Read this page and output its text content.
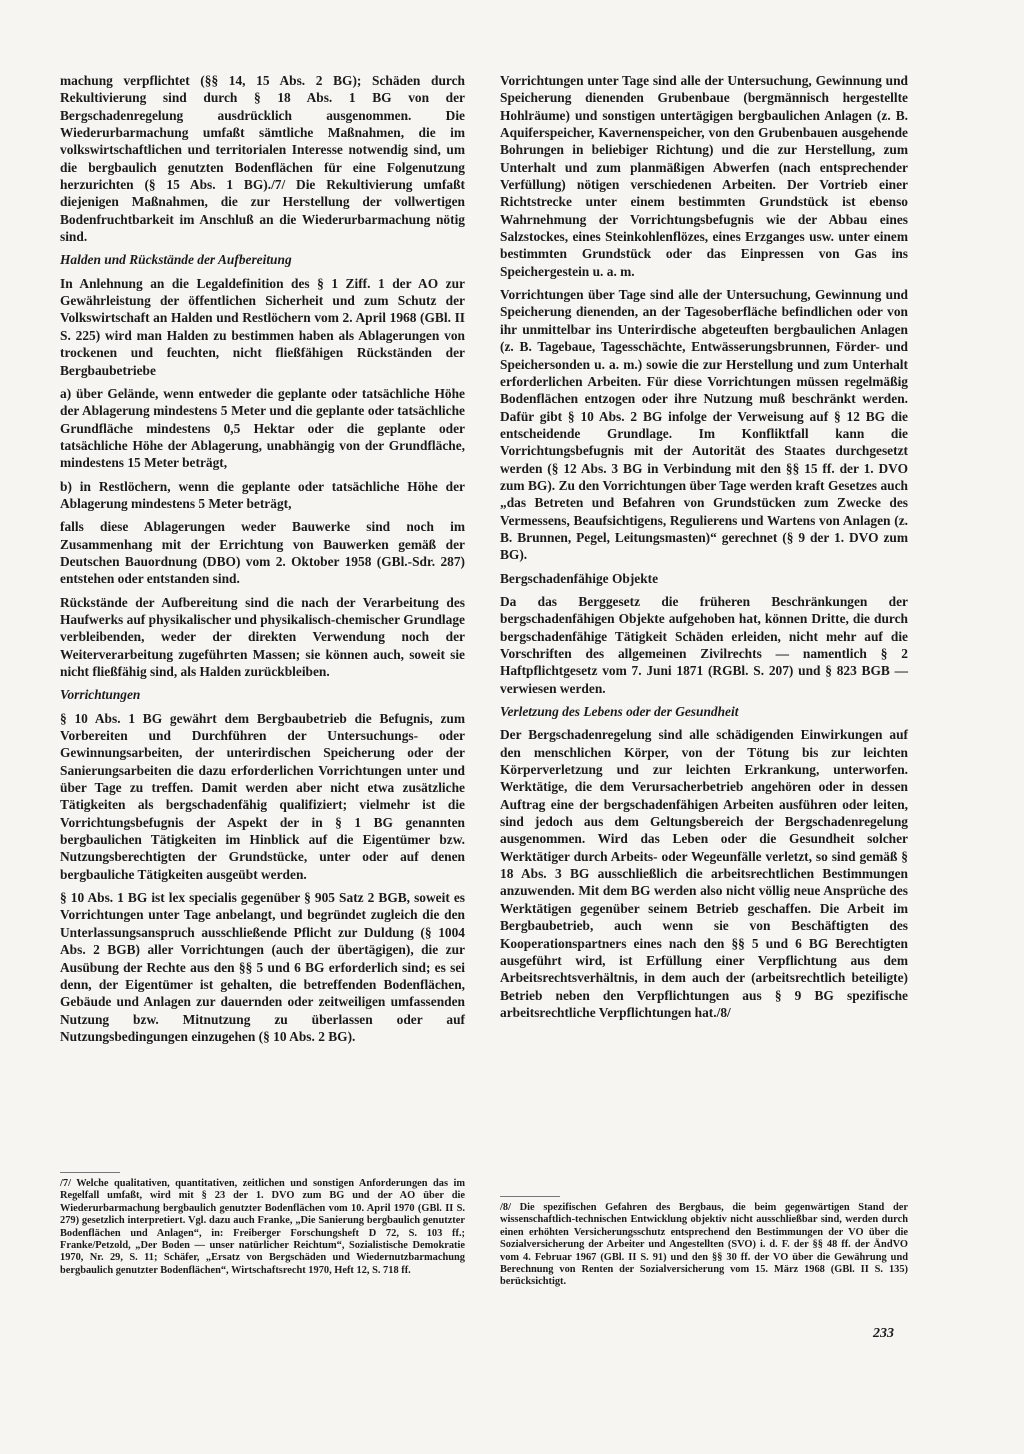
machung verpflichtet (§§ 14, 15 Abs. 2 BG); Schäden durch Rekultivierung sind durch § 18 Abs. 1 BG von der Bergschadenregelung ausdrücklich ausgenommen. Die Wiederurbarmachung umfaßt sämtliche Maßnahmen, die im volkswirtschaftlichen und territorialen Interesse notwendig sind, um die bergbaulich genutzten Bodenflächen für eine Folgenutzung herzurichten (§ 15 Abs. 1 BG)./7/ Die Rekultivierung umfaßt diejenigen Maßnahmen, die zur Herstellung der vollwertigen Bodenfruchtbarkeit im Anschluß an die Wiederurbarmachung nötig sind.

Halden und Rückstände der Aufbereitung

In Anlehnung an die Legaldefinition des § 1 Ziff. 1 der AO zur Gewährleistung der öffentlichen Sicherheit und zum Schutz der Volkswirtschaft an Halden und Restlöchern vom 2. April 1968 (GBl. II S. 225) wird man Halden zu bestimmen haben als Ablagerungen von trockenen und feuchten, nicht fließfähigen Rückständen der Bergbaubetriebe

a) über Gelände, wenn entweder die geplante oder tatsächliche Höhe der Ablagerung mindestens 5 Meter und die geplante oder tatsächliche Grundfläche mindestens 0,5 Hektar oder die geplante oder tatsächliche Höhe der Ablagerung, unabhängig von der Grundfläche, mindestens 15 Meter beträgt,

b) in Restlöchern, wenn die geplante oder tatsächliche Höhe der Ablagerung mindestens 5 Meter beträgt,

falls diese Ablagerungen weder Bauwerke sind noch im Zusammenhang mit der Errichtung von Bauwerken gemäß der Deutschen Bauordnung (DBO) vom 2. Oktober 1958 (GBl.-Sdr. 287) entstehen oder entstanden sind.

Rückstände der Aufbereitung sind die nach der Verarbeitung des Haufwerks auf physikalischer und physikalisch-chemischer Grundlage verbleibenden, weder der direkten Verwendung noch der Weiterverarbeitung zugeführten Massen; sie können auch, soweit sie nicht fließfähig sind, als Halden zurückbleiben.

Vorrichtungen

§ 10 Abs. 1 BG gewährt dem Bergbaubetrieb die Befugnis, zum Vorbereiten und Durchführen der Untersuchungs- oder Gewinnungsarbeiten, der unterirdischen Speicherung oder der Sanierungsarbeiten die dazu erforderlichen Vorrichtungen unter und über Tage zu treffen. Damit werden aber nicht etwa zusätzliche Tätigkeiten als bergschadenfähig qualifiziert; vielmehr ist die Vorrichtungsbefugnis der Aspekt der in § 1 BG genannten bergbaulichen Tätigkeiten im Hinblick auf die Eigentümer bzw. Nutzungsberechtigten der Grundstücke, unter oder auf denen bergbauliche Tätigkeiten ausgeübt werden.

§ 10 Abs. 1 BG ist lex specialis gegenüber § 905 Satz 2 BGB, soweit es Vorrichtungen unter Tage anbelangt, und begründet zugleich die den Unterlassungsanspruch ausschließende Pflicht zur Duldung (§ 1004 Abs. 2 BGB) aller Vorrichtungen (auch der übertägigen), die zur Ausübung der Rechte aus den §§ 5 und 6 BG erforderlich sind; es sei denn, der Eigentümer ist gehalten, die betreffenden Bodenflächen, Gebäude und Anlagen zur dauernden oder zeitweiligen umfassenden Nutzung bzw. Mitnutzung zu überlassen oder auf Nutzungsbedingungen einzugehen (§ 10 Abs. 2 BG).

Vorrichtungen unter Tage sind alle der Untersuchung, Gewinnung und Speicherung dienenden Grubenbaue (bergmännisch hergestellte Hohlräume) und sonstigen untertägigen bergbaulichen Anlagen (z. B. Aquiferspeicher, Kavernenspeicher, von den Grubenbauen ausgehende Bohrungen in beliebiger Richtung) und die zur Herstellung, zum Unterhalt und zum planmäßigen Abwerfen (nach entsprechender Verfüllung) nötigen verschiedenen Arbeiten. Der Vortrieb einer Richtstrecke unter einem bestimmten Grundstück ist ebenso Wahrnehmung der Vorrichtungsbefugnis wie der Abbau eines Salzstockes, eines Steinkohlenflözes, eines Erzganges usw. unter einem bestimmten Grundstück oder das Einpressen von Gas ins Speichergestein u. a. m.

Vorrichtungen über Tage sind alle der Untersuchung, Gewinnung und Speicherung dienenden, an der Tagesoberfläche befindlichen oder von ihr unmittelbar ins Unterirdische abgeteuften bergbaulichen Anlagen (z. B. Tagebaue, Tagesschächte, Entwässerungsbrunnen, Förder- und Speichersonden u. a. m.) sowie die zur Herstellung und zum Unterhalt erforderlichen Arbeiten. Für diese Vorrichtungen müssen regelmäßig Bodenflächen entzogen oder ihre Nutzung muß beschränkt werden. Dafür gibt § 10 Abs. 2 BG infolge der Verweisung auf § 12 BG die entscheidende Grundlage. Im Konfliktfall kann die Vorrichtungsbefugnis mit der Autorität des Staates durchgesetzt werden (§ 12 Abs. 3 BG in Verbindung mit den §§ 15 ff. der 1. DVO zum BG). Zu den Vorrichtungen über Tage werden kraft Gesetzes auch „das Betreten und Befahren von Grundstücken zum Zwecke des Vermessens, Beaufsichtigens, Regulierens und Wartens von Anlagen (z. B. Brunnen, Pegel, Leitungsmasten)“ gerechnet (§ 9 der 1. DVO zum BG).

Bergschadenfähige Objekte

Da das Berggesetz die früheren Beschränkungen der bergschadenfähigen Objekte aufgehoben hat, können Dritte, die durch bergschadenfähige Tätigkeit Schäden erleiden, nicht mehr auf die Vorschriften des allgemeinen Zivilrechts — namentlich § 2 Haftpflichtgesetz vom 7. Juni 1871 (RGBl. S. 207) und § 823 BGB — verwiesen werden.

Verletzung des Lebens oder der Gesundheit

Der Bergschadenregelung sind alle schädigenden Einwirkungen auf den menschlichen Körper, von der Tötung bis zur leichten Körperverletzung und zur leichten Erkrankung, unterworfen. Werktätige, die dem Verursacherbetrieb angehören oder in dessen Auftrag eine der bergschadenfähigen Arbeiten ausführen oder leiten, sind jedoch aus dem Geltungsbereich der Bergschadenregelung ausgenommen. Wird das Leben oder die Gesundheit solcher Werktätiger durch Arbeits- oder Wegeunfälle verletzt, so sind gemäß § 18 Abs. 3 BG ausschließlich die arbeitsrechtlichen Bestimmungen anzuwenden. Mit dem BG werden also nicht völlig neue Ansprüche des Werktätigen gegenüber seinem Betrieb geschaffen. Die Arbeit im Bergbaubetrieb, auch wenn sie von Beschäftigten des Kooperationspartners eines nach den §§ 5 und 6 BG Berechtigten ausgeführt wird, ist Erfüllung einer Verpflichtung aus dem Arbeitsrechtsverhältnis, in dem auch der (arbeitsrechtlich beteiligte) Betrieb neben den Verpflichtungen aus § 9 BG spezifische arbeitsrechtliche Verpflichtungen hat./8/

/7/ Welche qualitativen, quantitativen, zeitlichen und sonstigen Anforderungen das im Regelfall umfaßt, wird mit § 23 der 1. DVO zum BG und der AO über die Wiederurbarmachung bergbaulich genutzter Bodenflächen vom 10. April 1970 (GBl. II S. 279) gesetzlich interpretiert. Vgl. dazu auch Franke, „Die Sanierung bergbaulich genutzter Bodenflächen und Anlagen“, in: Freiberger Forschungsheft D 72, S. 103 ff.; Franke/Petzold, „Der Boden — unser natürlicher Reichtum“, Sozialistische Demokratie 1970, Nr. 29, S. 11; Schäfer, „Ersatz von Bergschäden und Wiedernutzbarmachung bergbaulich genutzter Bodenflächen“, Wirtschaftsrecht 1970, Heft 12, S. 718 ff.

/8/ Die spezifischen Gefahren des Bergbaus, die beim gegenwärtigen Stand der wissenschaftlich-technischen Entwicklung objektiv nicht ausschließbar sind, werden durch einen erhöhten Versicherungsschutz entsprechend den Bestimmungen der VO über die Sozialversicherung der Arbeiter und Angestellten (SVO) i. d. F. der §§ 48 ff. der ÄndVO vom 4. Februar 1967 (GBl. II S. 91) und den §§ 30 ff. der VO über die Gewährung und Berechnung von Renten der Sozialversicherung vom 15. März 1968 (GBl. II S. 135) berücksichtigt.

233
